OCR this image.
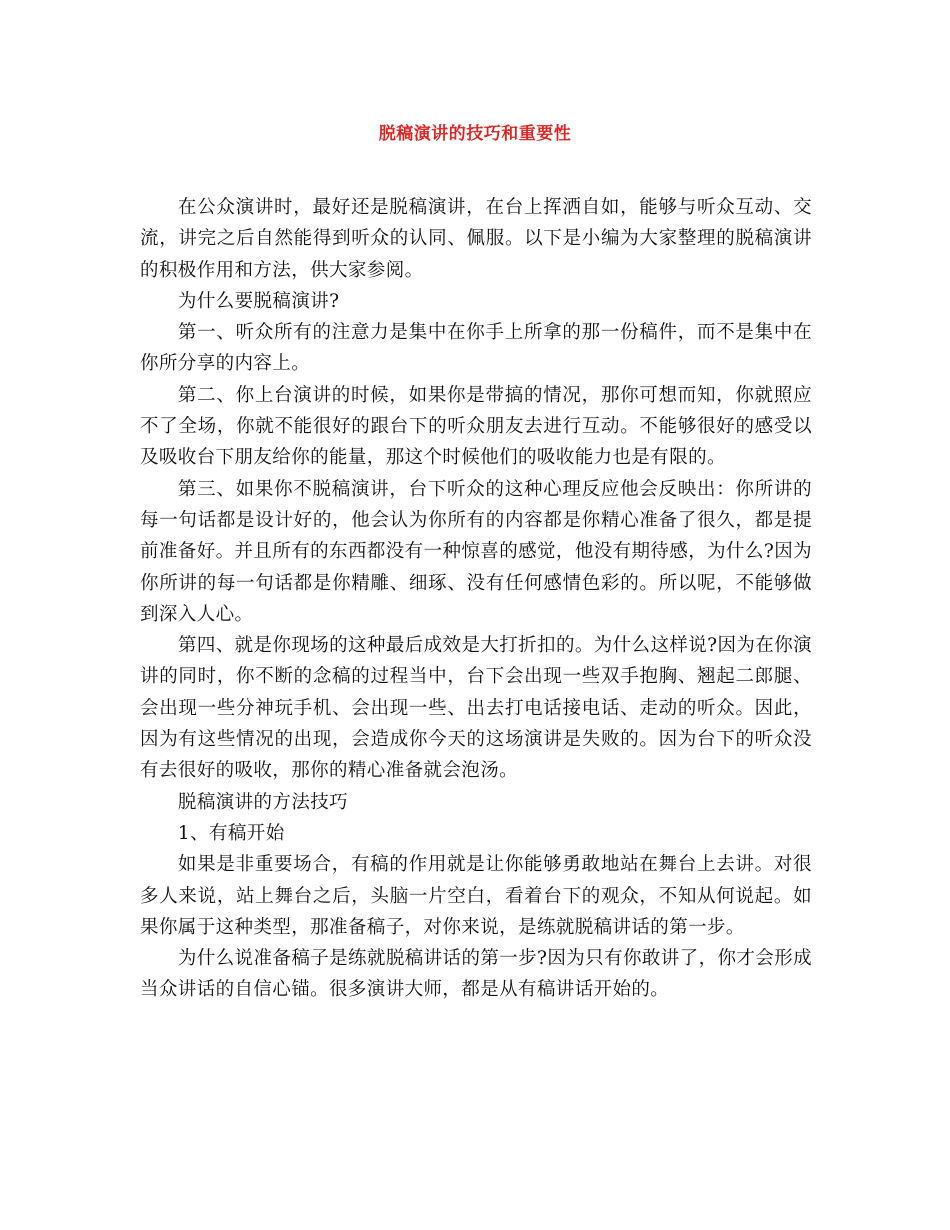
脱稿演讲的技巧和重要性

在公众演讲时，最好还是脱稿演讲，在台上挥洒自如，能够与听众互动、交流，讲完之后自然能得到听众的认同、佩服。以下是小编为大家整理的脱稿演讲的积极作用和方法，供大家参阅。

为什么要脱稿演讲?

第一、听众所有的注意力是集中在你手上所拿的那一份稿件，而不是集中在你所分享的内容上。

第二、你上台演讲的时候，如果你是带搞的情况，那你可想而知，你就照应不了全场，你就不能很好的跟台下的听众朋友去进行互动。不能够很好的感受以及吸收台下朋友给你的能量，那这个时候他们的吸收能力也是有限的。

第三、如果你不脱稿演讲，台下听众的这种心理反应他会反映出：你所讲的每一句话都是设计好的，他会认为你所有的内容都是你精心准备了很久，都是提前准备好。并且所有的东西都没有一种惊喜的感觉，他没有期待感，为什么?因为你所讲的每一句话都是你精雕、细琢、没有任何感情色彩的。所以呢，不能够做到深入人心。

第四、就是你现场的这种最后成效是大打折扣的。为什么这样说?因为在你演讲的同时，你不断的念稿的过程当中，台下会出现一些双手抱胸、翘起二郎腿、会出现一些分神玩手机、会出现一些、出去打电话接电话、走动的听众。因此，因为有这些情况的出现，会造成你今天的这场演讲是失败的。因为台下的听众没有去很好的吸收，那你的精心准备就会泡汤。

脱稿演讲的方法技巧

1、有稿开始

如果是非重要场合，有稿的作用就是让你能够勇敢地站在舞台上去讲。对很多人来说，站上舞台之后，头脑一片空白，看着台下的观众，不知从何说起。如果你属于这种类型，那准备稿子，对你来说，是练就脱稿讲话的第一步。

为什么说准备稿子是练就脱稿讲话的第一步?因为只有你敢讲了，你才会形成当众讲话的自信心锚。很多演讲大师，都是从有稿讲话开始的。
